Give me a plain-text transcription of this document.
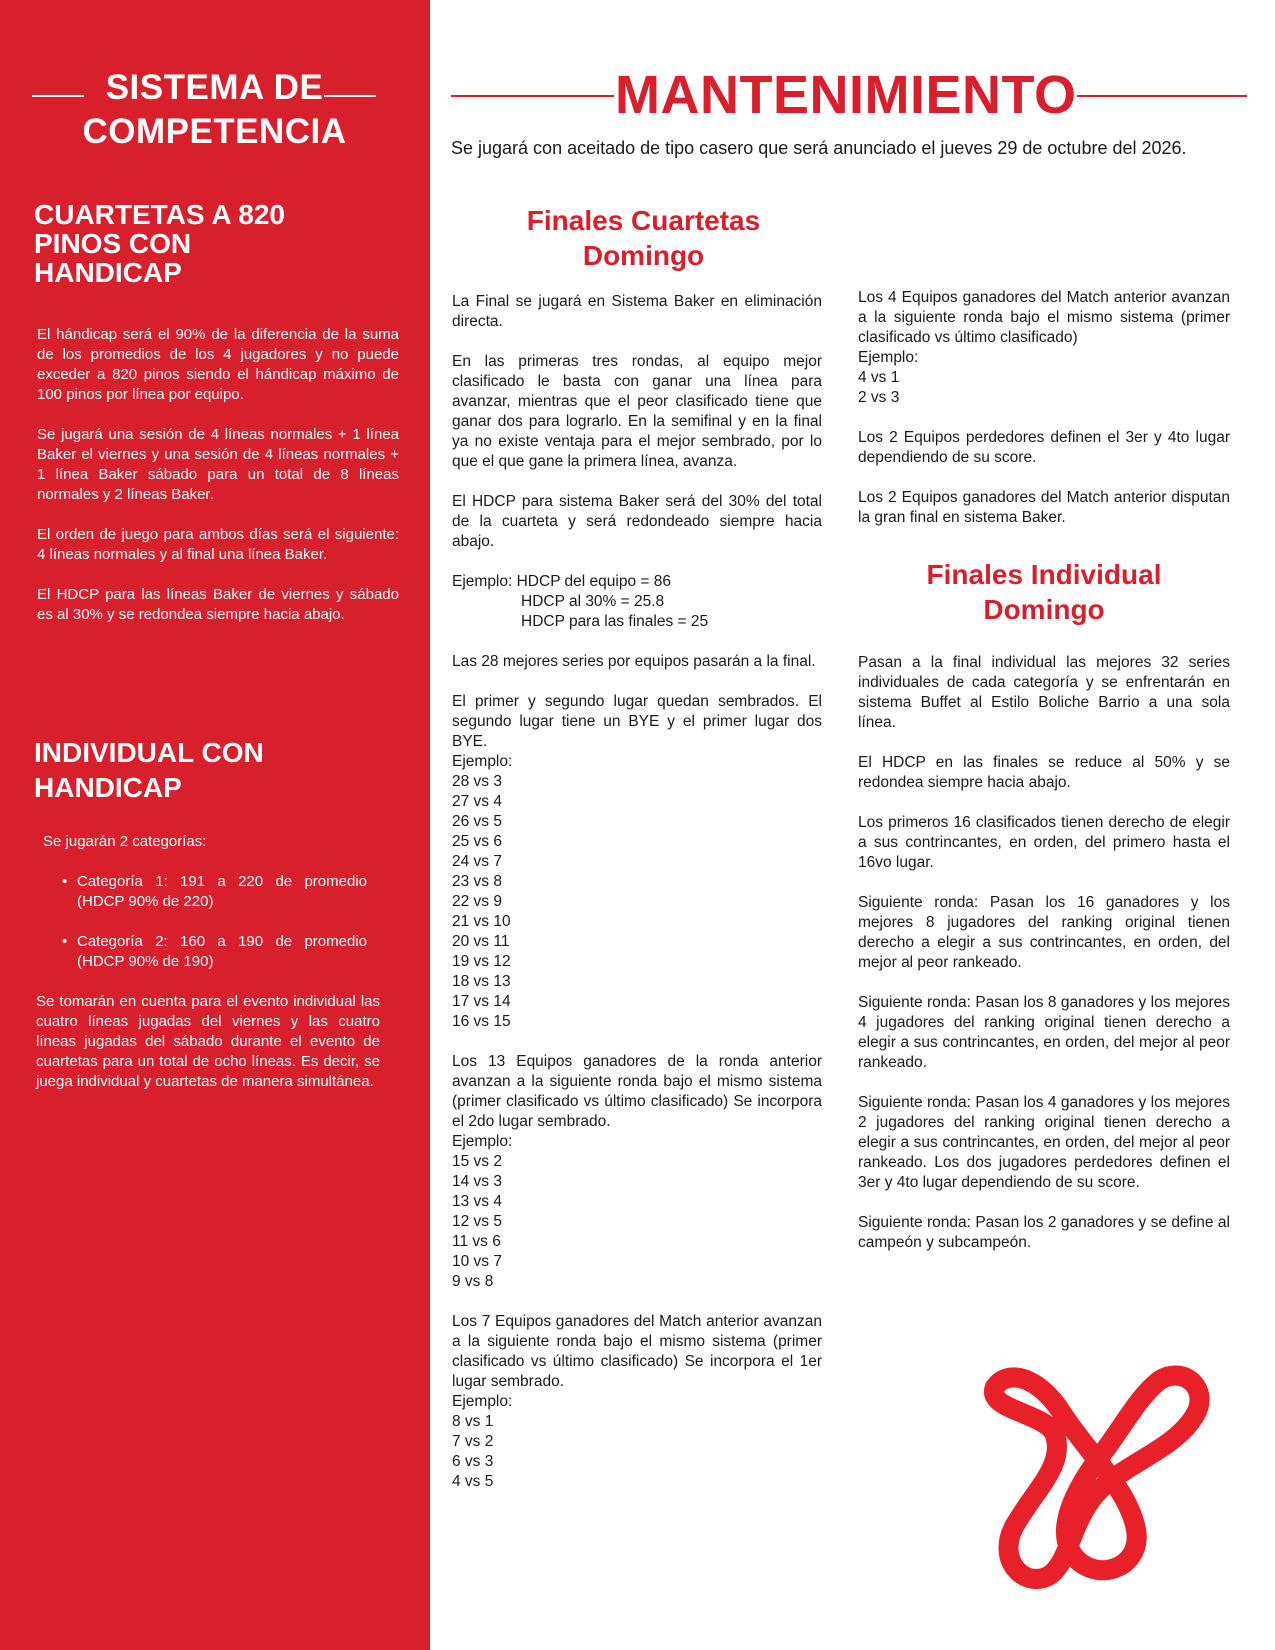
SISTEMA DE
COMPETENCIA
CUARTETAS A 820
PINOS CON
HANDICAP

El hándicap será el 90% de la diferencia de la suma de los promedios de los 4 jugadores y no puede exceder a 820 pinos siendo el hándicap máximo de 100 pinos por línea por equipo.

Se jugará una sesión de 4 líneas normales + 1 línea Baker el viernes y una sesión de 4 líneas normales + 1 línea Baker sábado para un total de 8 líneas normales y 2 líneas Baker.

El orden de juego para ambos días será el siguiente: 4 líneas normales y al final una línea Baker.

El HDCP para las líneas Baker de viernes y sábado es al 30% y se redondea siempre hacia abajo.

INDIVIDUAL CON
HANDICAP

Se jugarán 2 categorías:

• Categoría 1: 191 a 220 de promedio (HDCP 90% de 220)
• Categoría 2: 160 a 190 de promedio (HDCP 90% de 190)

Se tomarán en cuenta para el evento individual las cuatro líneas jugadas del viernes y las cuatro líneas jugadas del sábado durante el evento de cuartetas para un total de ocho líneas. Es decir, se juega individual y cuartetas de manera simultánea.

MANTENIMIENTO

Se jugará con aceitado de tipo casero que será anunciado el jueves 29 de octubre del 2026.

Finales Cuartetas
Domingo

La Final se jugará en Sistema Baker en eliminación directa.

En las primeras tres rondas, al equipo mejor clasificado le basta con ganar una línea para avanzar, mientras que el peor clasificado tiene que ganar dos para lograrlo. En la semifinal y en la final ya no existe ventaja para el mejor sembrado, por lo que el que gane la primera línea, avanza.

El HDCP para sistema Baker será del 30% del total de la cuarteta y será redondeado siempre hacia abajo.

Ejemplo: HDCP del equipo = 86

HDCP al 30% = 25.8
HDCP para las finales = 25

Las 28 mejores series por equipos pasarán a la final.

El primer y segundo lugar quedan sembrados. El segundo lugar tiene un BYE y el primer lugar dos BYE.
Ejemplo:

28 vs 3
27 vs 4
26 vs 5
25 vs 6
24 vs 7
23 vs 8
22 vs 9
21 vs 10
20 vs 11
19 vs 12
18 vs 13
17 vs 14
16 vs 15

Los 13 Equipos ganadores de la ronda anterior avanzan a la siguiente ronda bajo el mismo sistema (primer clasificado vs último clasificado) Se incorpora el 2do lugar sembrado.

Ejemplo:
15 vs 2
14 vs 3
13 vs 4
12 vs 5
11 vs 6
10 vs 7
9 vs 8

Los 7 Equipos ganadores del Match anterior avanzan a la siguiente ronda bajo el mismo sistema (primer clasificado vs último clasificado) Se incorpora el 1er lugar sembrado.

Ejemplo:
8 vs 1
7 vs 2
6 vs 3
4 vs 5

Los 4 Equipos ganadores del Match anterior avanzan a la siguiente ronda bajo el mismo sistema (primer clasificado vs último clasificado)

Ejemplo:
4 vs 1
2 vs 3

Los 2 Equipos perdedores definen el 3er y 4to lugar dependiendo de su score.

Los 2 Equipos ganadores del Match anterior disputan la gran final en sistema Baker.

Finales Individual
Domingo

Pasan a la final individual las mejores 32 series individuales de cada categoría y se enfrentarán en sistema Buffet al Estilo Boliche Barrio a una sola línea.

El HDCP en las finales se reduce al 50% y se redondea siempre hacia abajo.

Los primeros 16 clasificados tienen derecho de elegir a sus contrincantes, en orden, del primero hasta el 16vo lugar.

Siguiente ronda: Pasan los 16 ganadores y los mejores 8 jugadores del ranking original tienen derecho a elegir a sus contrincantes, en orden, del mejor al peor rankeado.

Siguiente ronda: Pasan los 8 ganadores y los mejores 4 jugadores del ranking original tienen derecho a elegir a sus contrincantes, en orden, del mejor al peor rankeado.

Siguiente ronda: Pasan los 4 ganadores y los mejores 2 jugadores del ranking original tienen derecho a elegir a sus contrincantes, en orden, del mejor al peor rankeado. Los dos jugadores perdedores definen el 3er y 4to lugar dependiendo de su score.

Siguiente ronda: Pasan los 2 ganadores y se define al campeón y subcampeón.
